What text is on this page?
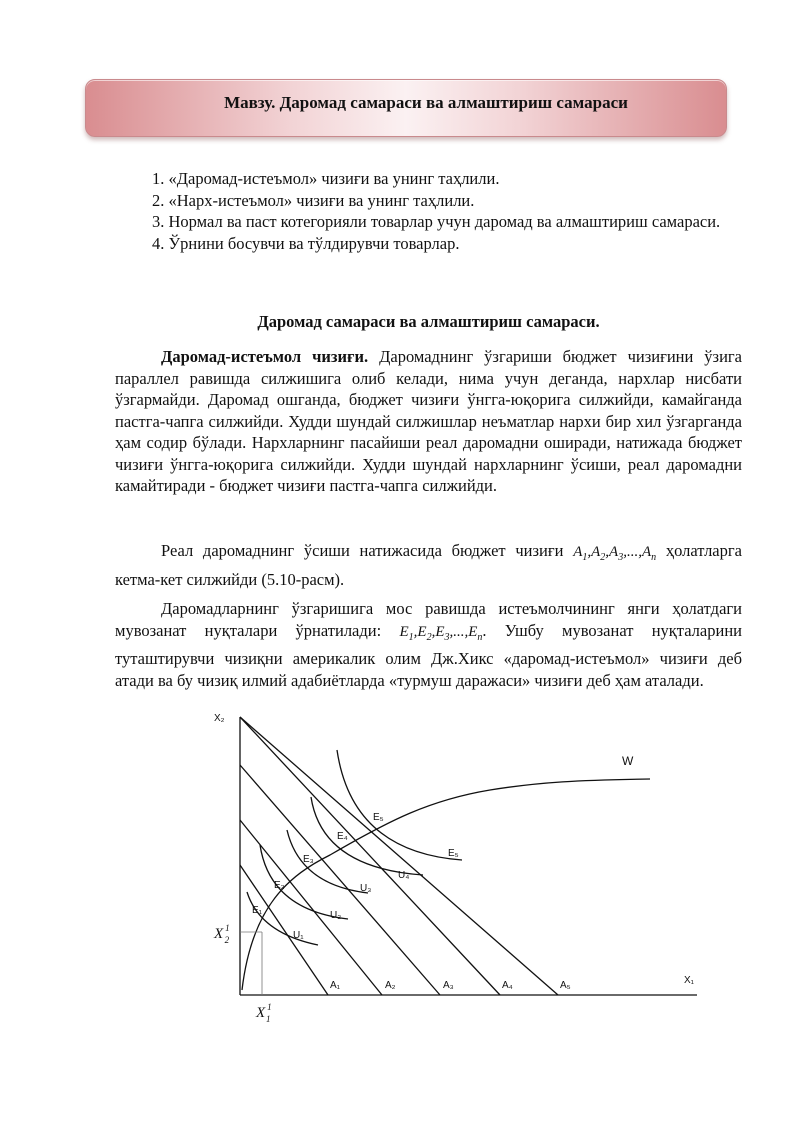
Мавзу. Даромад самараси ва алмаштириш самараси

1. «Даромад-истеъмол» чизиғи ва унинг таҳлили.

2. «Нарх-истеъмол» чизиғи ва унинг таҳлили.

3. Нормал ва паст котегорияли товарлар учун даромад ва алмаштириш самараси.

4. Ўрнини босувчи ва тўлдирувчи товарлар.

Даромад самараси ва алмаштириш самараси.

Даромад-истеъмол чизиғи. Даромаднинг ўзгариши бюджет чизиғини ўзига параллел равишда силжишига олиб келади, нима учун деганда, нархлар нисбати ўзгармайди. Даромад ошганда, бюджет чизиғи ўнгга-юқорига силжийди, камайганда пастга-чапга силжийди. Худди шундай силжишлар неъматлар нархи бир хил ўзгарганда ҳам содир бўлади. Нархларнинг пасайиши реал даромадни оширади, натижада бюджет чизиғи ўнгга-юқорига силжийди. Худди шундай нархларнинг ўсиши, реал даромадни камайтиради - бюджет чизиғи пастга-чапга силжийди.

Реал даромаднинг ўсиши натижасида бюджет чизиғи $A_1,A_2,A_3,...,A_n$ ҳолатларга кетма-кет силжийди (5.10-расм).

Даромадларнинг ўзгаришига мос равишда истеъмолчининг янги ҳолатдаги мувозанат нуқталари ўрнатилади: $E_1,E_2,E_3,...,E_n$. Ушбу мувозанат нуқталарини туташтирувчи чизиқни америкалик олим Дж.Хикс «даромад-истеъмол» чизиғи деб атади ва бу чизиқ илмий адабиётларда «турмуш даражаси» чизиғи деб ҳам аталади.

X₂
X₁
W
A₁	A₂	A₃	A₄	A₅
E₁
E₂
E₃
E₄
E₅
U₁
U₂
U₃
U₄
E₅
X $^1$ 2
X $^1$ 1
